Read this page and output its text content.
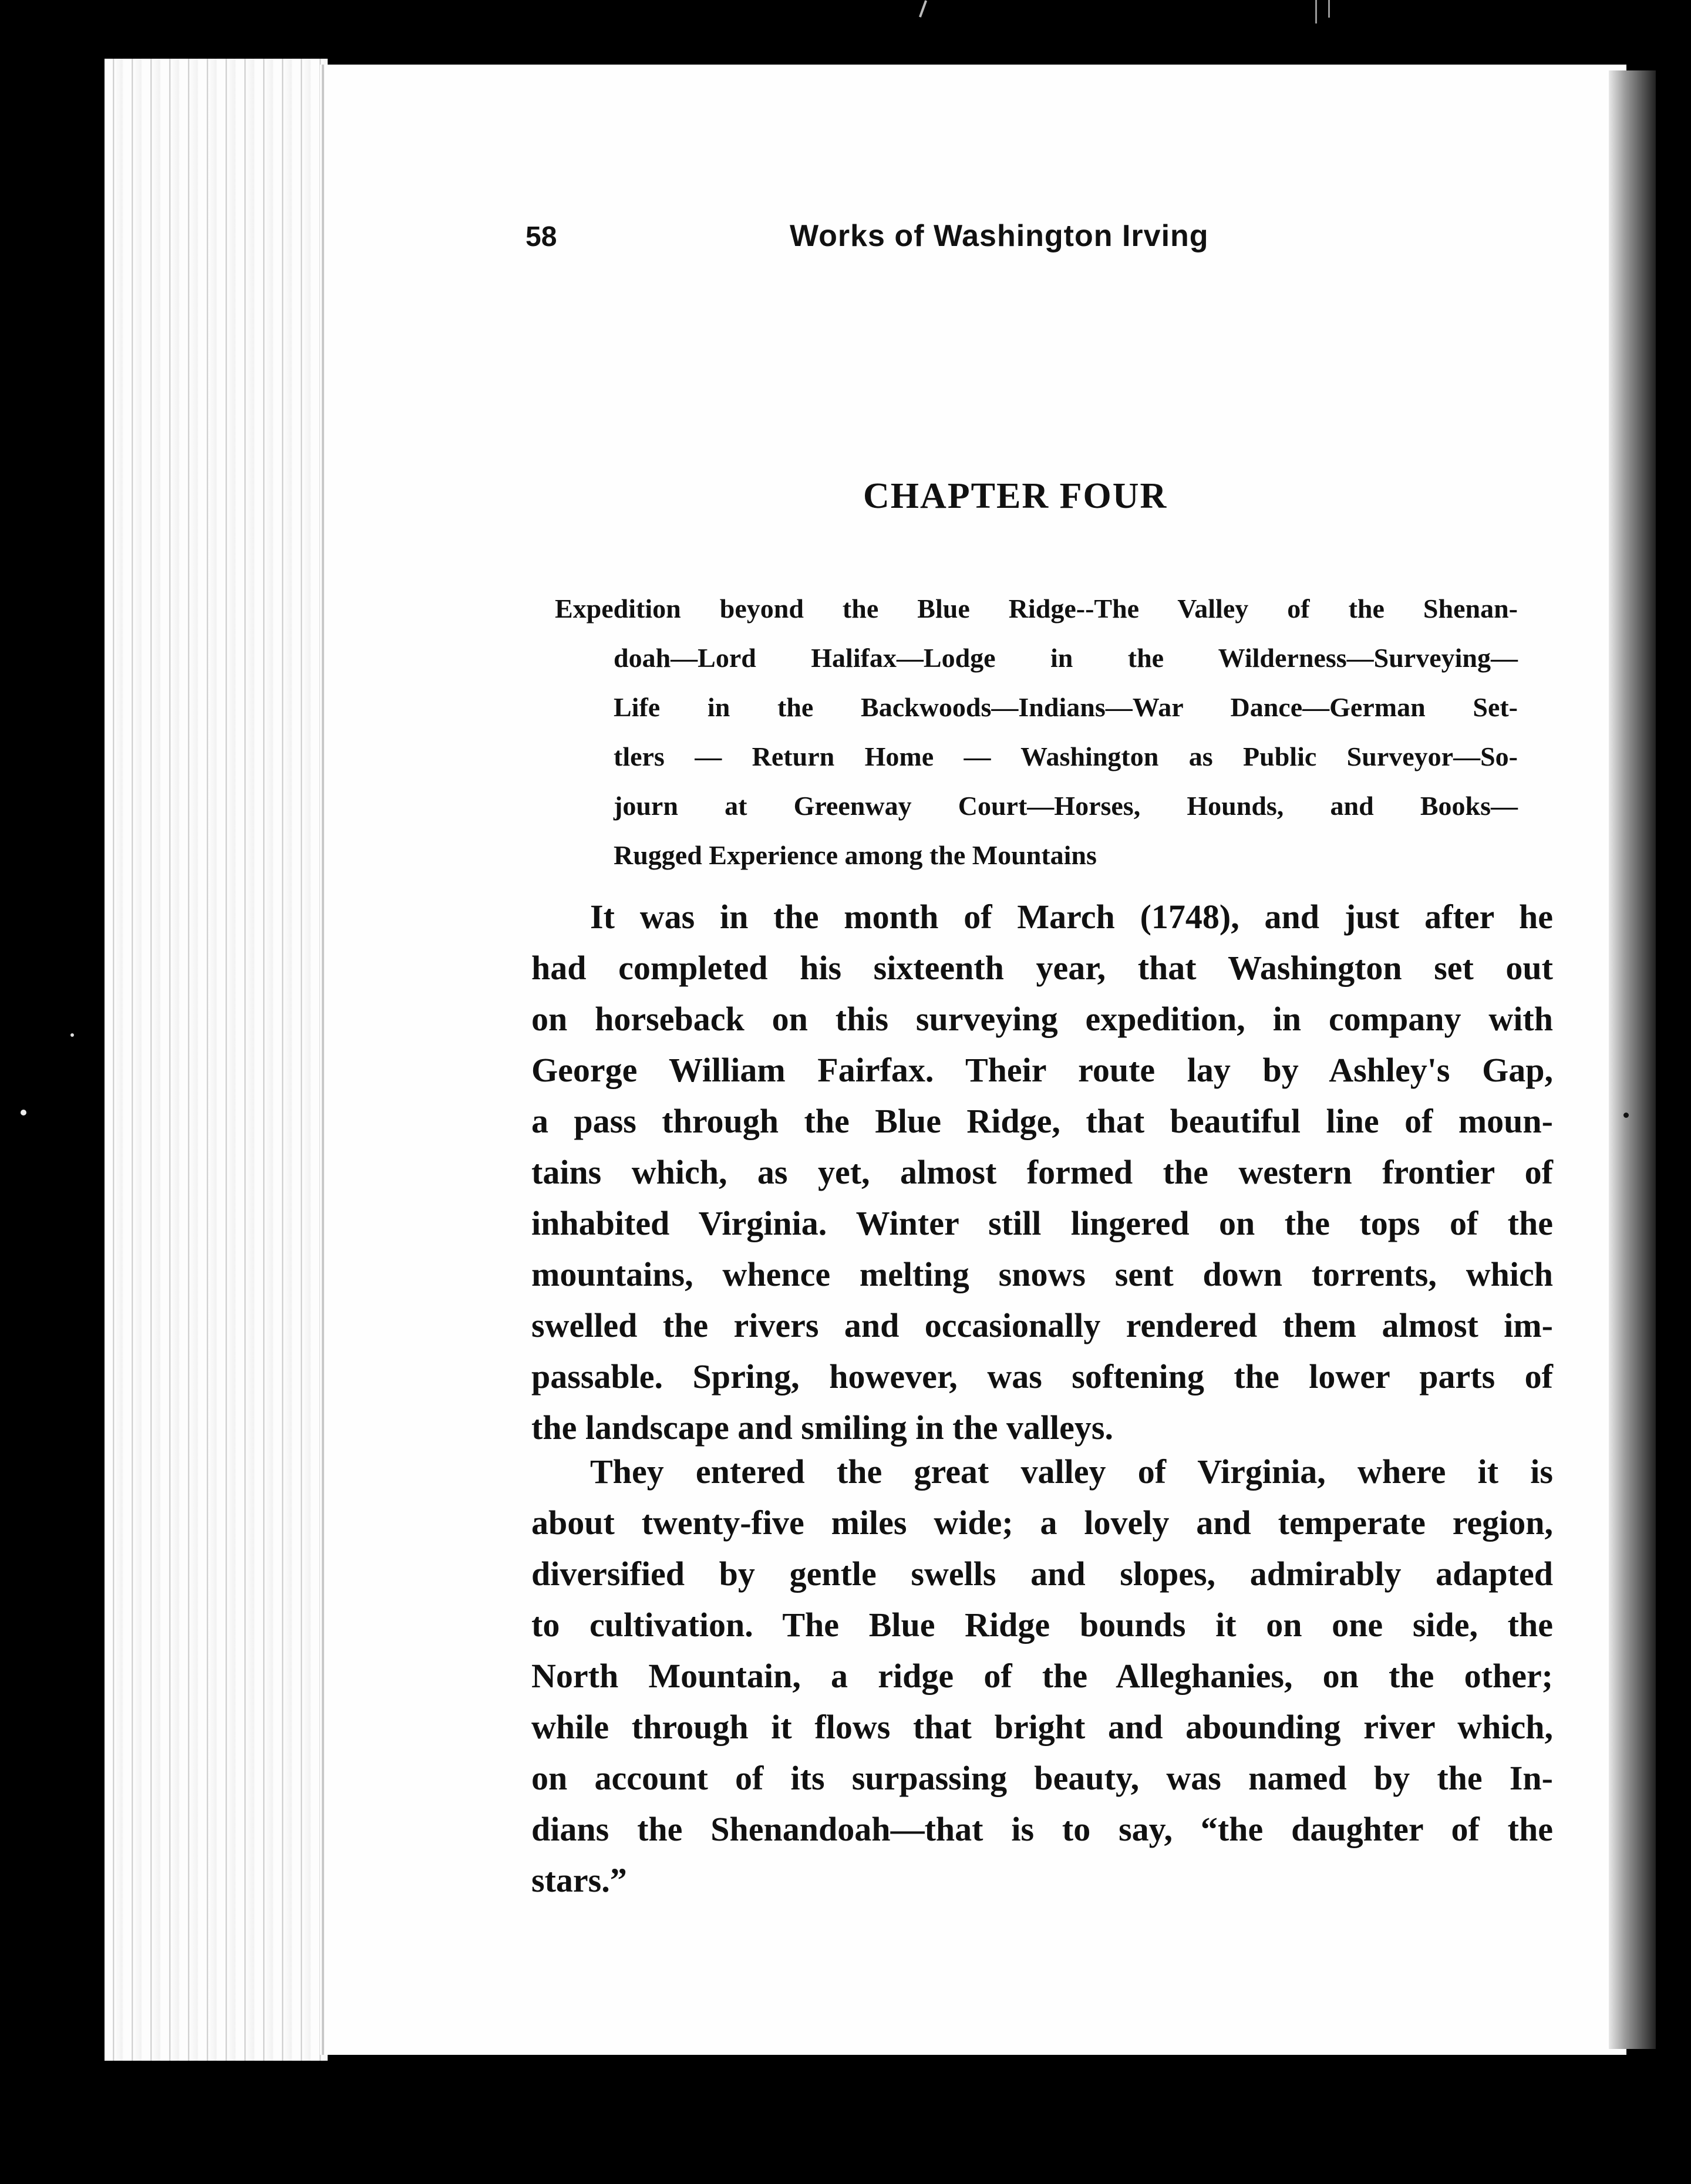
58	Works of Washington Irving
CHAPTER FOUR
Expedition beyond the Blue Ridge--The Valley of the Shenan-
doah—Lord Halifax—Lodge in the Wilderness—Surveying—
Life in the Backwoods—Indians—War Dance—German Set-
tlers — Return Home — Washington as Public Surveyor—So-
journ at Greenway Court—Horses, Hounds, and Books—
Rugged Experience among the Mountains
It was in the month of March (1748), and just after he
had completed his sixteenth year, that Washington set out
on horseback on this surveying expedition, in company with
George William Fairfax. Their route lay by Ashley's Gap,
a pass through the Blue Ridge, that beautiful line of moun-
tains which, as yet, almost formed the western frontier of
inhabited Virginia. Winter still lingered on the tops of the
mountains, whence melting snows sent down torrents, which
swelled the rivers and occasionally rendered them almost im-
passable. Spring, however, was softening the lower parts of
the landscape and smiling in the valleys.
They entered the great valley of Virginia, where it is
about twenty-five miles wide; a lovely and temperate region,
diversified by gentle swells and slopes, admirably adapted
to cultivation. The Blue Ridge bounds it on one side, the
North Mountain, a ridge of the Alleghanies, on the other;
while through it flows that bright and abounding river which,
on account of its surpassing beauty, was named by the In-
dians the Shenandoah—that is to say, “the daughter of the
stars.”
